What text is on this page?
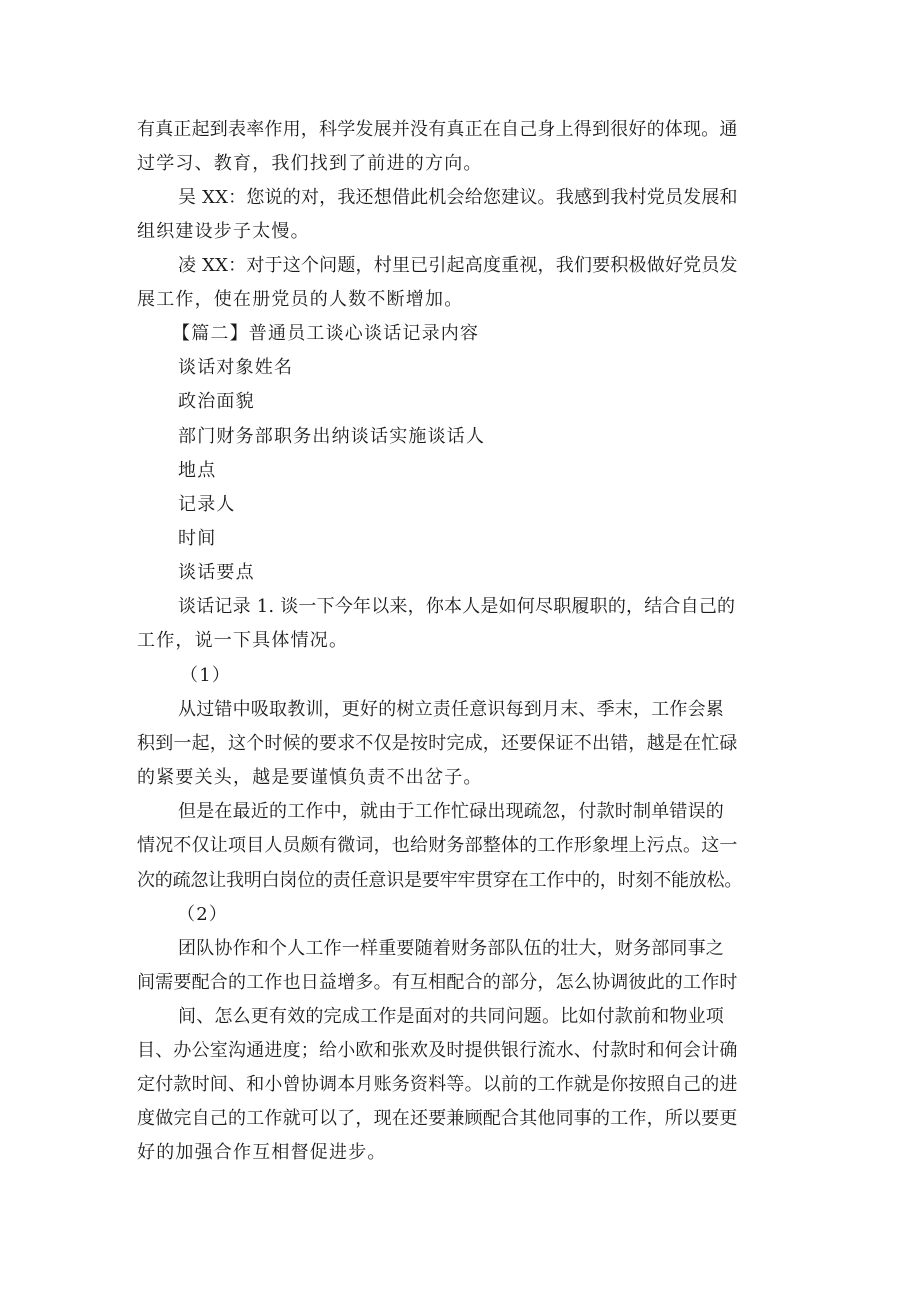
有真正起到表率作用，科学发展并没有真正在自己身上得到很好的体现。通
过学习、教育，我们找到了前进的方向。
吴 XX：您说的对，我还想借此机会给您建议。我感到我村党员发展和
组织建设步子太慢。
凌 XX：对于这个问题，村里已引起高度重视，我们要积极做好党员发
展工作，使在册党员的人数不断增加。
【篇二】普通员工谈心谈话记录内容
谈话对象姓名
政治面貌
部门财务部职务出纳谈话实施谈话人
地点
记录人
时间
谈话要点
谈话记录 1. 谈一下今年以来，你本人是如何尽职履职的，结合自己的
工作，说一下具体情况。
（1）
从过错中吸取教训，更好的树立责任意识每到月末、季末，工作会累
积到一起，这个时候的要求不仅是按时完成，还要保证不出错，越是在忙碌
的紧要关头，越是要谨慎负责不出岔子。
但是在最近的工作中，就由于工作忙碌出现疏忽，付款时制单错误的
情况不仅让项目人员颇有微词，也给财务部整体的工作形象埋上污点。这一
次的疏忽让我明白岗位的责任意识是要牢牢贯穿在工作中的，时刻不能放松。
（2）
团队协作和个人工作一样重要随着财务部队伍的壮大，财务部同事之
间需要配合的工作也日益增多。有互相配合的部分，怎么协调彼此的工作时
间、怎么更有效的完成工作是面对的共同问题。比如付款前和物业项
目、办公室沟通进度；给小欧和张欢及时提供银行流水、付款时和何会计确
定付款时间、和小曾协调本月账务资料等。以前的工作就是你按照自己的进
度做完自己的工作就可以了，现在还要兼顾配合其他同事的工作，所以要更
好的加强合作互相督促进步。
